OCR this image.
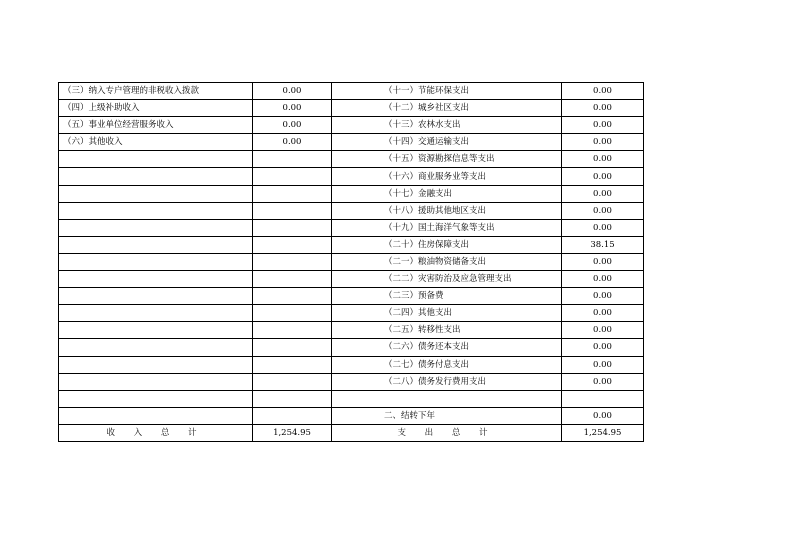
（三）纳入专户管理的非税收入拨款	0.00	（十一）节能环保支出	0.00
（四）上级补助收入	0.00	（十二）城乡社区支出	0.00
（五）事业单位经营服务收入	0.00	（十三）农林水支出	0.00
（六）其他收入	0.00	（十四）交通运输支出	0.00
		（十五）资源勘探信息等支出	0.00
		（十六）商业服务业等支出	0.00
		（十七）金融支出	0.00
		（十八）援助其他地区支出	0.00
		（十九）国土海洋气象等支出	0.00
		（二十）住房保障支出	38.15
		（二一）粮油物资储备支出	0.00
		（二二）灾害防治及应急管理支出	0.00
		（二三）预备费	0.00
		（二四）其他支出	0.00
		（二五）转移性支出	0.00
		（二六）债务还本支出	0.00
		（二七）债务付息支出	0.00
		（二八）债务发行费用支出	0.00

		二、结转下年	0.00
收 入 总 计	1,254.95	支 出 总 计	1,254.95
